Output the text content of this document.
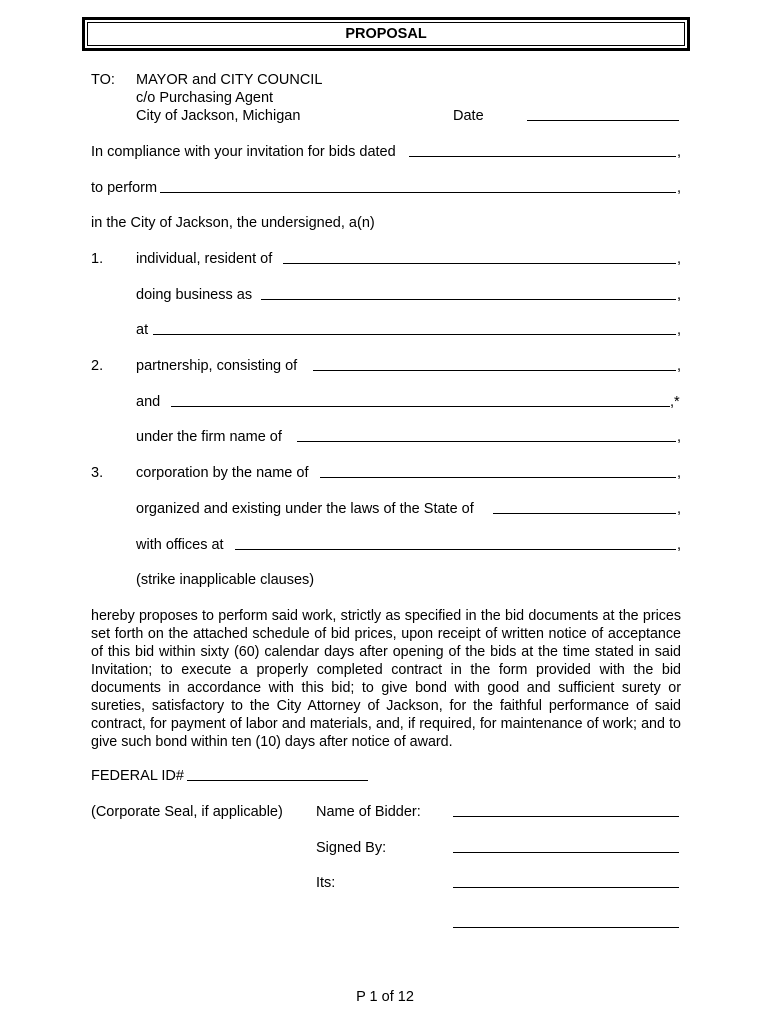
PROPOSAL
TO: MAYOR and CITY COUNCIL
c/o Purchasing Agent
City of Jackson, Michigan	Date
In compliance with your invitation for bids dated	,
to perform	,
in the City of Jackson, the undersigned, a(n)
1. individual, resident of	,
doing business as	,
at	,
2. partnership, consisting of	,
and	,*
under the firm name of	,
3. corporation by the name of	,
organized and existing under the laws of the State of	,
with offices at	,
(strike inapplicable clauses)
hereby proposes to perform said work, strictly as specified in the bid documents at the prices set forth on the attached schedule of bid prices, upon receipt of written notice of acceptance of this bid within sixty (60) calendar days after opening of the bids at the time stated in said Invitation; to execute a properly completed contract in the form provided with the bid documents in accordance with this bid; to give bond with good and sufficient surety or sureties, satisfactory to the City Attorney of Jackson, for the faithful performance of said contract, for payment of labor and materials, and, if required, for maintenance of work; and to give such bond within ten (10) days after notice of award.
FEDERAL ID#
(Corporate Seal, if applicable) Name of Bidder:
Signed By:
Its:
P 1 of 12
